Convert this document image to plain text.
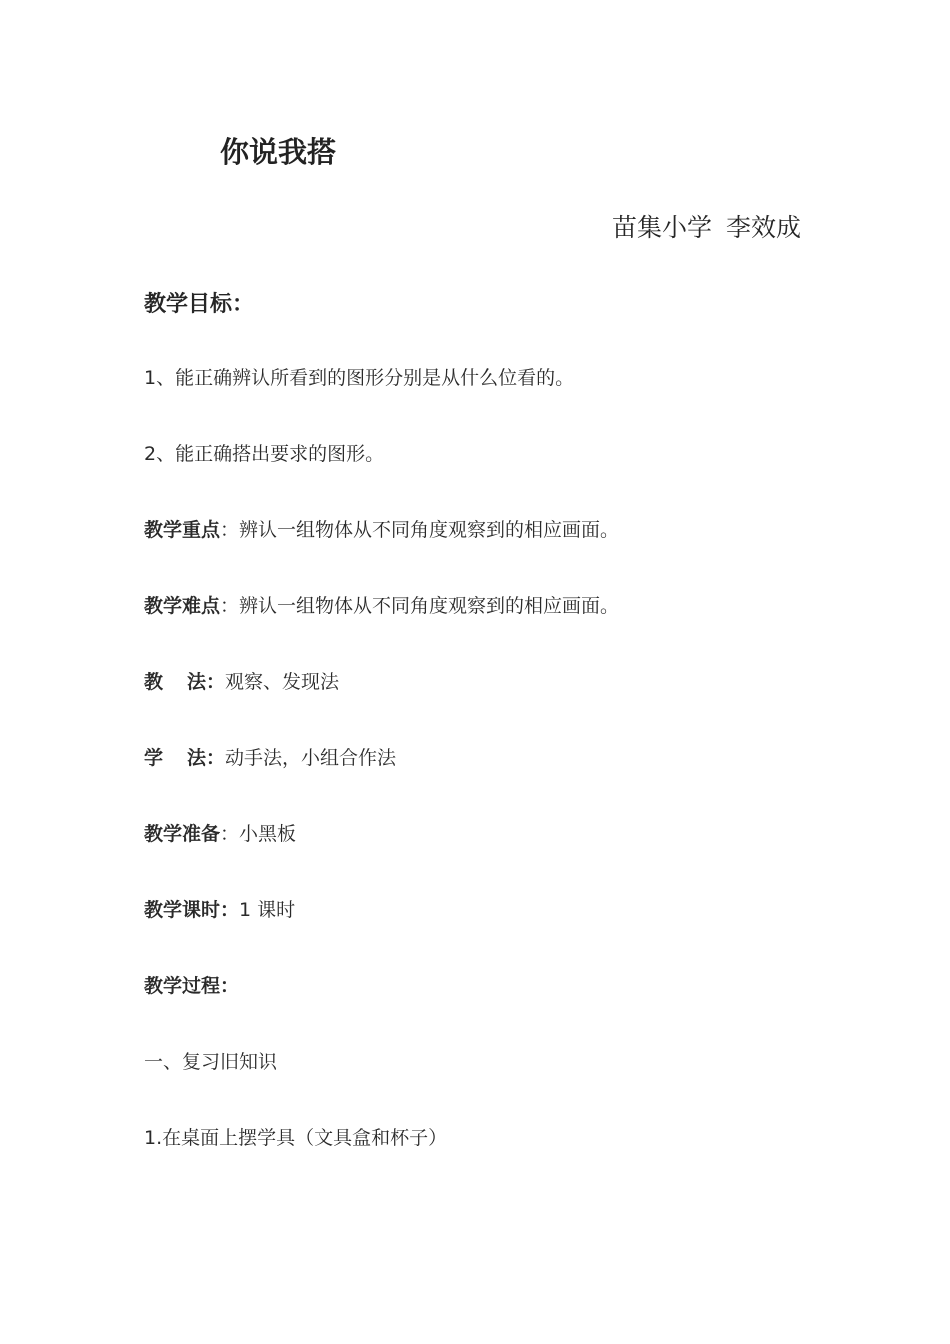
你说我搭
苗集小学 李效成
教学目标：
1、能正确辨认所看到的图形分别是从什么位看的。
2、能正确搭出要求的图形。
教学重点：辨认一组物体从不同角度观察到的相应画面。
教学难点：辨认一组物体从不同角度观察到的相应画面。
教 法：观察、发现法
学 法：动手法，小组合作法
教学准备：小黑板
教学课时：1 课时
教学过程：
一、复习旧知识
1.在桌面上摆学具（文具盒和杯子）
